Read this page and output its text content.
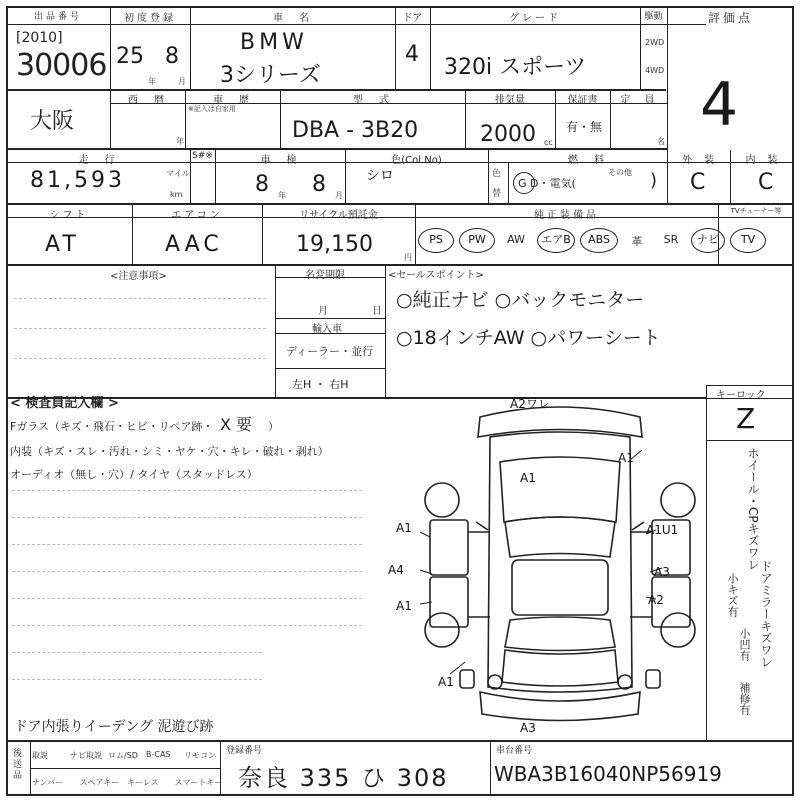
出品番号
[2010]
30006
初度登録
25 8
年	月
車　名
BMW
3シリーズ
ドア
4
グレード
320i スポーツ
駆動
2WD
4WD
評価点
4
大阪
西　暦
年
車　歴
※記入は自家用
型　式
DBA - 3B20
排気量
2000 cc
保証書
有・無
定　員
名
走　行
81,593	マイル
km
S#※	車　検
8 年 8 月
色(Col.No)
シロ	色
替
燃　料
G D・電気(
その他 )
外　装	内　装
C C
シフト
AT
エアコン
AAC
リサイクル預託金
19,150
円
純正装備品	TVチューナー等
PS	PW	AW	エアB	ABS	革	SR	ナビ	TV
<注意事項>	名変期限
月	日
輸入車
ディーラー・並行
左H ・ 右H
<セールスポイント>
○純正ナビ ○バックモニター
○18インチAW ○パワーシート
キーロック
Z
< 検査員記入欄 >
Fガラス（キズ・飛石・ヒビ・リペア跡・ X 要 ）
内装（キズ・スレ・汚れ・シミ・ヤケ・穴・キレ・破れ・剥れ）
オーディオ（無し・穴）/ タイヤ（スタッドレス）
ドア内張りイーデング 泥遊び跡
ホイール・CPキズワレ
ドアミラーキズワレ
小キズ有
小凹有
補修有
A2ワレ
A1
A1
A1	A1U1
A4	A3
A1	A2
A1
A3
取説	ナビ取説 ロム/SD B-CAS リモコン
ナンバー スペアキー キーレス スマートキー
後送品	登録番号
奈良 335 ひ 308
車台番号
WBA3B16040NP56919
